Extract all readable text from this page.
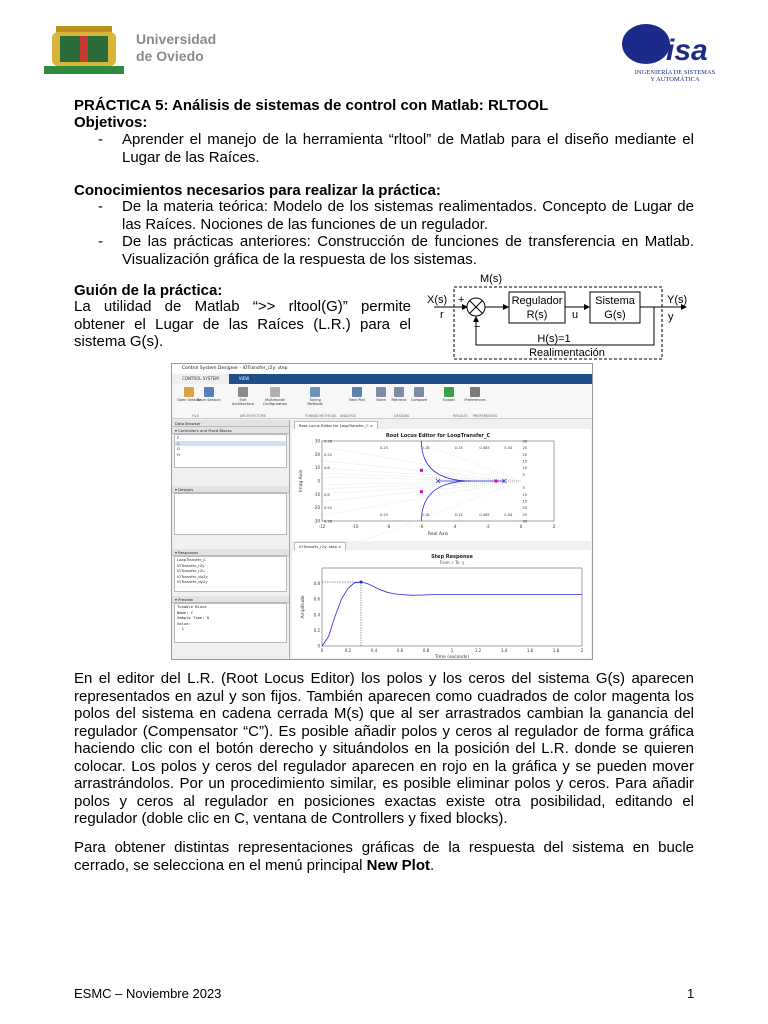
Universidad
de Oviedo	isa
INGENIERÍA DE SISTEMAS
Y AUTOMÁTICA
PRÁCTICA 5: Análisis de sistemas de control con Matlab: RLTOOL
Objetivos:
-	Aprender el manejo de la herramienta “rltool” de Matlab para el diseño mediante el Lugar de las Raíces.
Conocimientos necesarios para realizar la práctica:
-	De la materia teórica: Modelo de los sistemas realimentados. Concepto de Lugar de las Raíces. Nociones de las funciones de un regulador.
-	De las prácticas anteriores: Construcción de funciones de transferencia en Matlab. Visualización gráfica de la respuesta de los sistemas.
Guión de la práctica:
La utilidad de Matlab “>> rltool(G)” permite obtener el Lugar de las Raíces (L.R.) para el sistema G(s).
M(s)
X(s)
r
+
−
Regulador
R(s) u
Sistema
G(s)
Y(s)
y
H(s)=1
Realimentación
Control System Designer - IOTransfer_r2y: step
CONTROL SYSTEM	VIEW
FILE	ARCHITECTURE	TUNING METHODS ANALYSIS	DESIGNS	RESULTS PREFERENCES
Open Session
Save Session	Edit Architecture
Multimodel Configuration
Tuning Methods
New Plot	Store	Retrieve	Compare	Export	Preferences
Data Browser
▾ Controllers and Fixed Blocks
F
C
G
H
▾ Designs
▾ Responses
LoopTransfer_C
IOTransfer_r2y
IOTransfer_r2u
IOTransfer_du2y
IOTransfer_dy2y
▾ Preview
Tunable Block
Name: C
Sample Time: 0
Value:
1
Root Locus Editor for LoopTransfer_C ×
Root Locus Editor for LoopTransfer_C
-12	-10	-8	-6	-4	-2	0	2
-30
-20
-10
0
10
20
30 0.38
0.52
0.8
0.8
0.52
0.38
0.25	0.18	0.13	0.085	0.04
0.25	0.18	0.13	0.085	0.04
30
25
20
15
10
5
5
10
15
20
25
30
Real Axis
Imag Axis
IOTransfer_r2y: step ×
Step Response
From: r To: y
0	0.2	0.4	0.6	0.8	1	1.2	1.4	1.6	1.8	2
0
0.2
0.4
0.6
0.8
Time (seconds)
Amplitude
En el editor del L.R. (Root Locus Editor) los polos y los ceros del sistema G(s) aparecen representados en azul y son fijos. También aparecen como cuadrados de color magenta los polos del sistema en cadena cerrada M(s) que al ser arrastrados cambian la ganancia del regulador (Compensator “C”). Es posible añadir polos y ceros al regulador de forma gráfica haciendo clic con el botón derecho y situándolos en la posición del L.R. donde se quieren colocar. Los polos y ceros del regulador aparecen en rojo en la gráfica y se pueden mover arrastrándolos. Por un procedimiento similar, es posible eliminar polos y ceros. Para añadir polos y ceros al regulador en posiciones exactas existe otra posibilidad, editando el regulador (doble clic en C, ventana de Controllers y fixed blocks).
Para obtener distintas representaciones gráficas de la respuesta del sistema en bucle cerrado, se selecciona en el menú principal New Plot.
ESMC – Noviembre 2023	1
